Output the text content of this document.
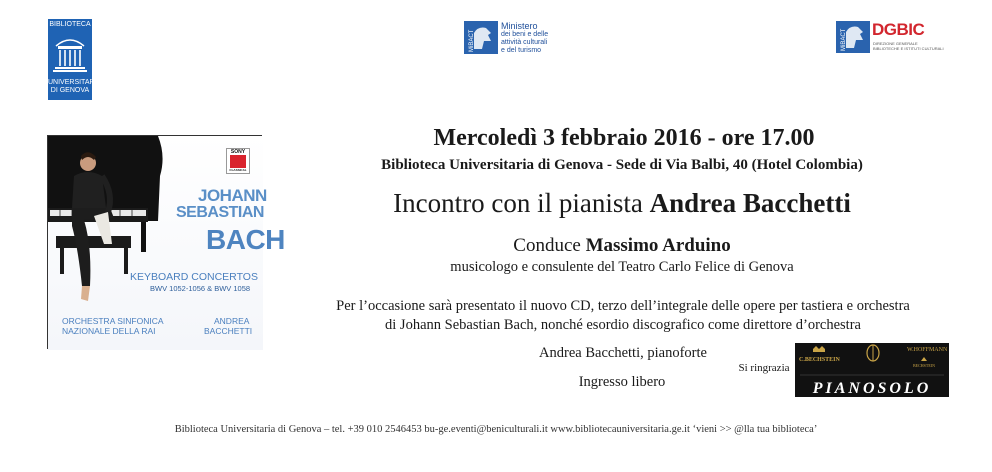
BIBLIOTECA
UNIVERSITARIA
DI GENOVA
MiBACT
Ministero
dei beni e delle
attività culturali
e del turismo	MiBACT DGBIC
DIREZIONE GENERALE
BIBLIOTECHE E ISTITUTI CULTURALI
SONY
CLASSICAL
JOHANN
SEBASTIAN
BACH
KEYBOARD CONCERTOS
BWV 1052-1056 & BWV 1058
ORCHESTRA SINFONICA
NAZIONALE DELLA RAI
ANDREA
BACCHETTI
Mercoledì 3 febbraio 2016 - ore 17.00
Biblioteca Universitaria di Genova - Sede di Via Balbi, 40 (Hotel Colombia)
Incontro con il pianista Andrea Bacchetti
Conduce Massimo Arduino
musicologo e consulente del Teatro Carlo Felice di Genova
Per l’occasione sarà presentato il nuovo CD, terzo dell’integrale delle opere per tastiera e orchestra
di Johann Sebastian Bach, nonché esordio discografico come direttore d’orchestra
Andrea Bacchetti, pianoforte
Ingresso libero
Si ringrazia
C.BECHSTEIN
W.HOFFMANN
BECHSTEIN
PIANOSOLO
Biblioteca Universitaria di Genova – tel. +39 010 2546453 bu-ge.eventi@beniculturali.it www.bibliotecauniversitaria.ge.it ‘vieni >> @lla tua biblioteca’
